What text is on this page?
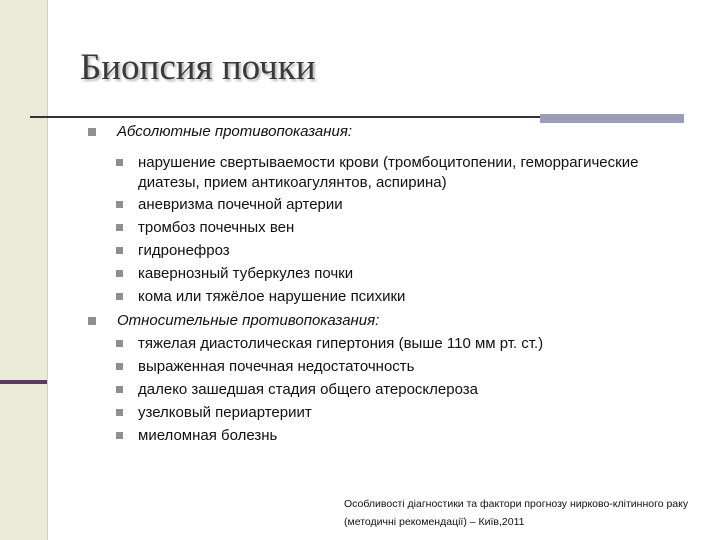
Биопсия почки
Абсолютные противопоказания:
нарушение свертываемости крови (тромбоцитопении, геморрагические
диатезы, прием антикоагулянтов, аспирина)
аневризма почечной артерии
тромбоз почечных вен
гидронефроз
кавернозный туберкулез почки
кома или тяжёлое нарушение психики
Относительные противопоказания:
тяжелая диастолическая гипертония (выше 110 мм рт. ст.)
выраженная почечная недостаточность
далеко зашедшая стадия общего атеросклероза
узелковый периартериит
миеломная болезнь
Особливості діагностики та фактори прогнозу нирково-клітинного раку
(методичні рекомендації) – Київ,2011
